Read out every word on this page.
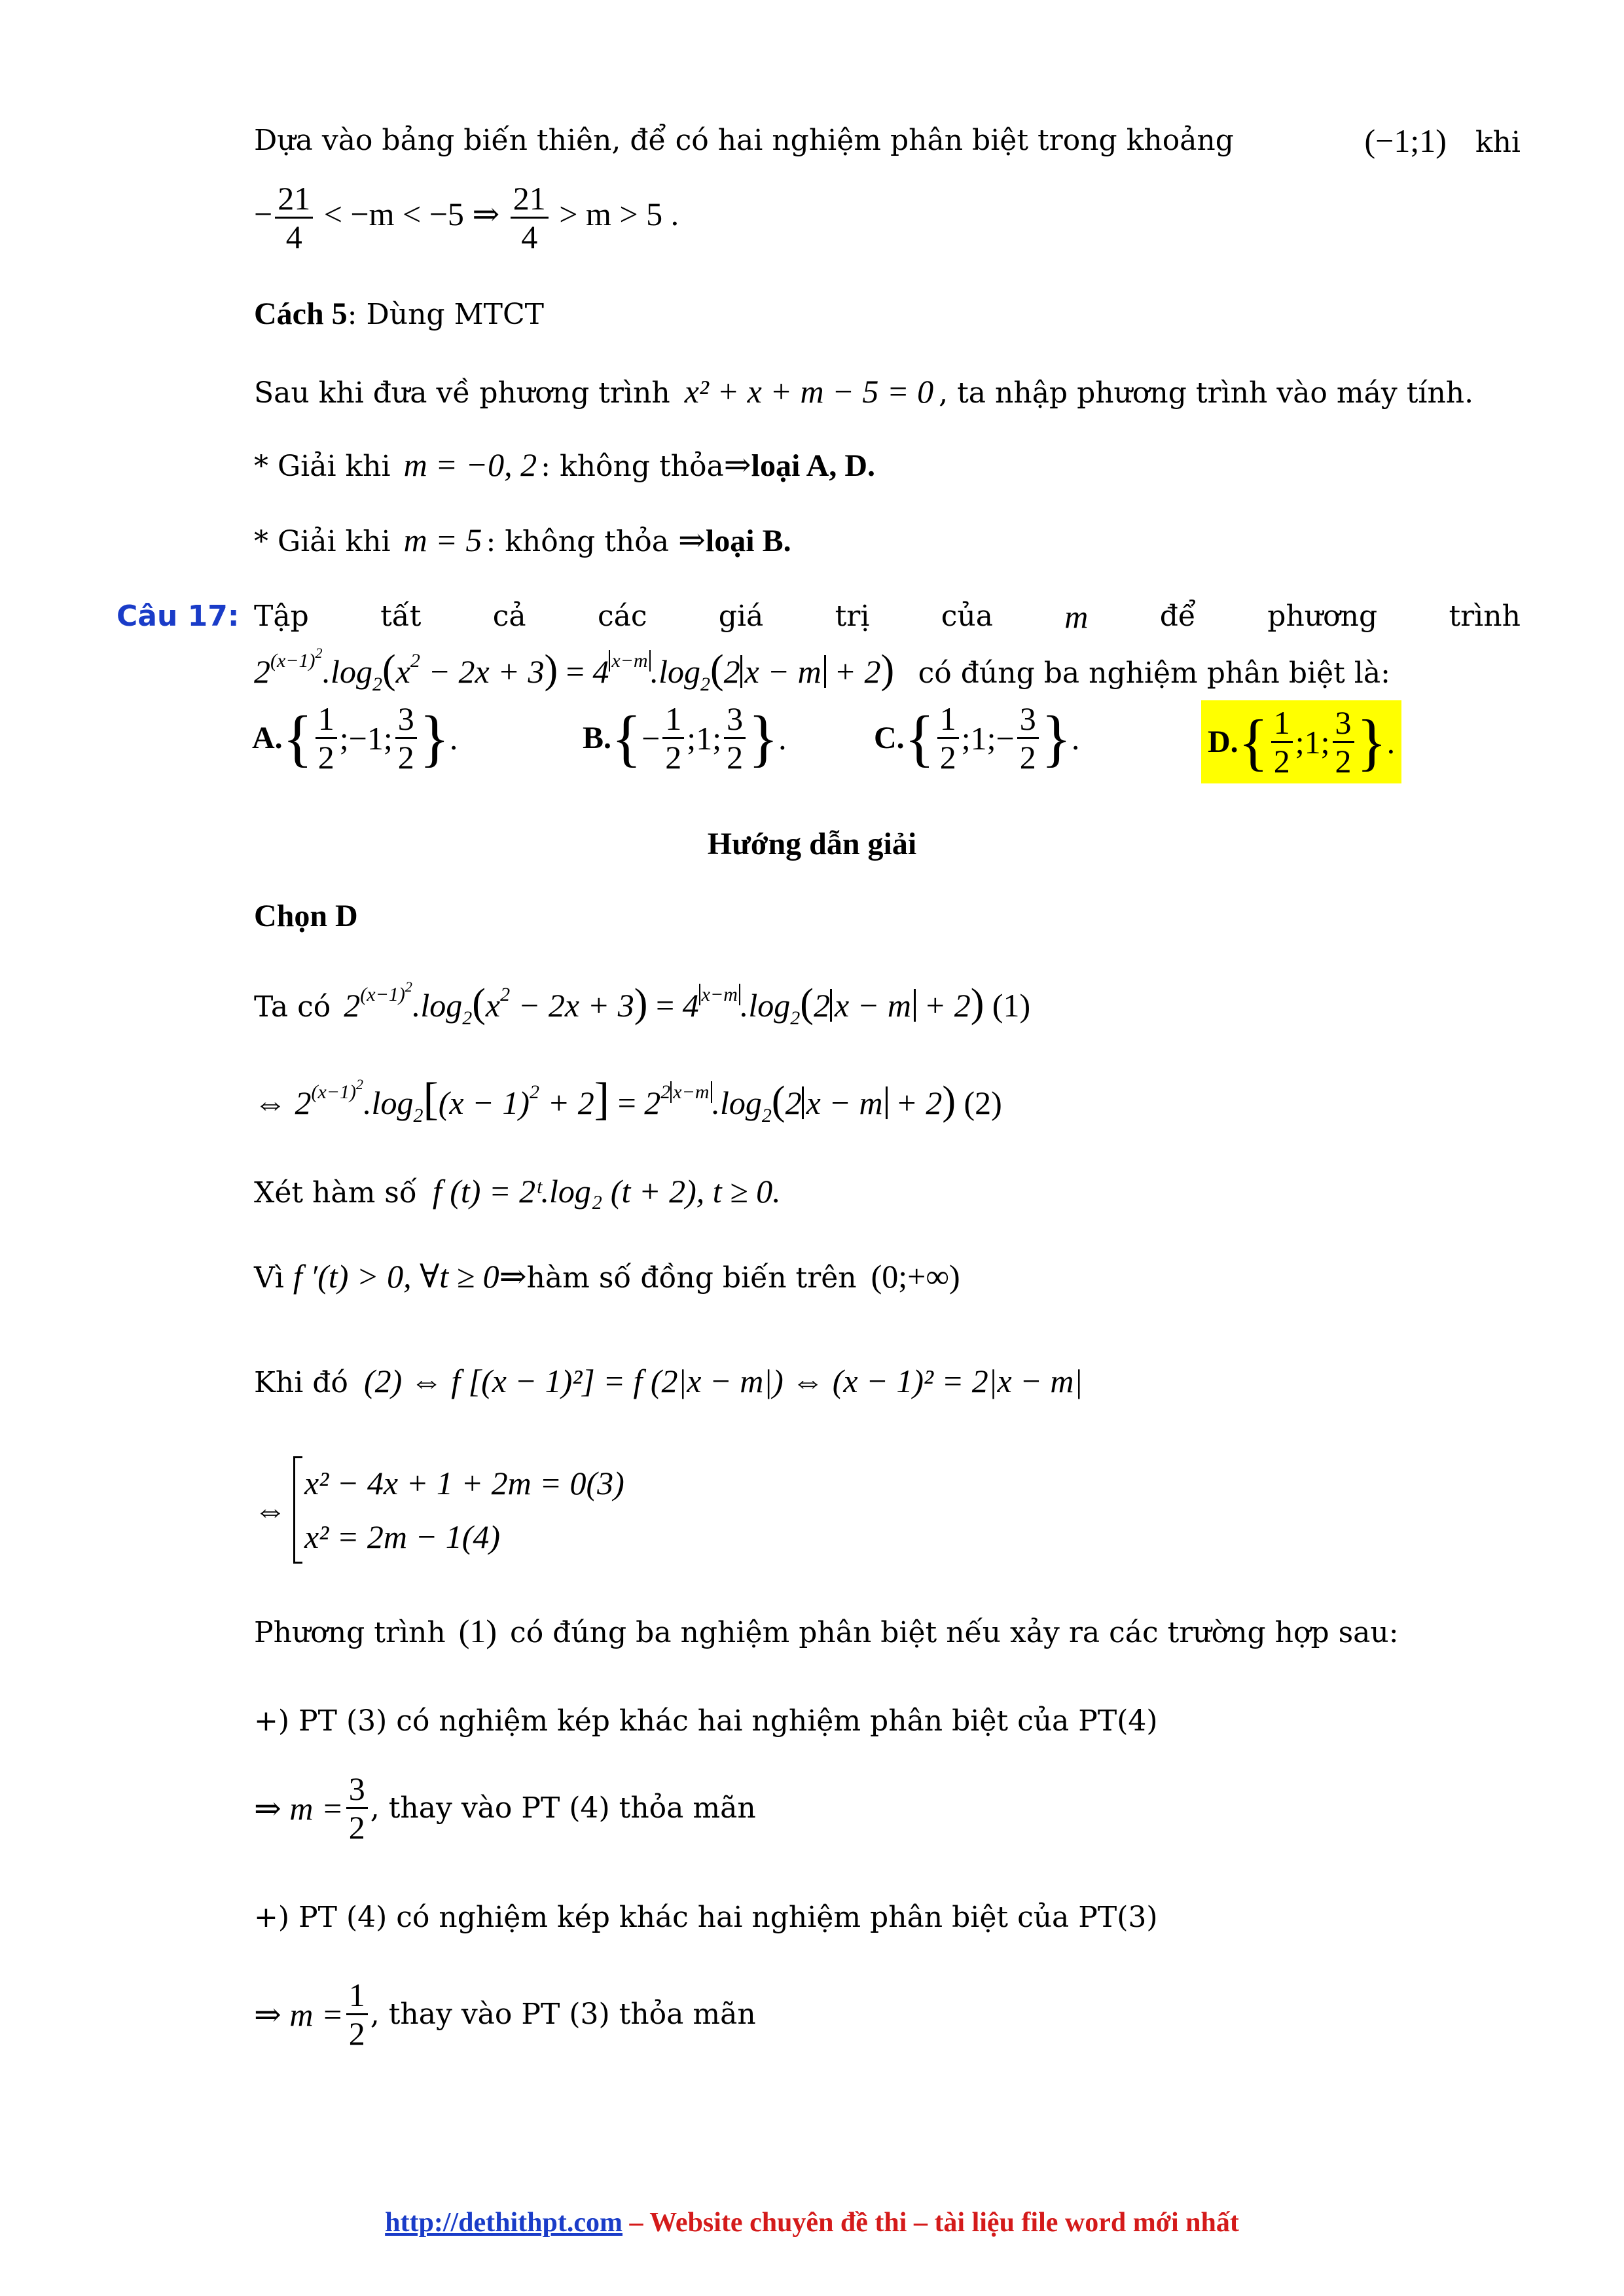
Dựa vào bảng biến thiên, để có hai nghiệm phân biệt trong khoảng	(−1;1) khi
− $\frac{21}{4} < -m < -5$ ⇒ $\frac{21}{4} > m > 5$ .
Cách 5: Dùng MTCT
Sau khi đưa về phương trình x² + x + m − 5 = 0 , ta nhập phương trình vào máy tính.
* Giải khi m = −0, 2 : không thỏa⇒loại A, D.
* Giải khi m = 5 : không thỏa ⇒loại B.
Câu 17: Tập tất cả các giá trị của m để phương trình
$2^{(x-1)^2}.\log_2(x^2 - 2x + 3) = 4$ $^{x-m}.\log_2(2$ x − m + 2) có đúng ba nghiệm phân biệt là:
A. { $\frac{1}{2}$ ;−1; $\frac{3}{2}$ } .	B. { − $\frac{1}{2}$ ;1; $\frac{3}{2}$ } .	C. { $\frac{1}{2}$ ;1;− $\frac{3}{2}$ } .	D. { $\frac{1}{2}$ ;1; $\frac{3}{2}$ } .
Hướng dẫn giải
Chọn D
Ta có $2^{(x-1)^2}.\log_2(x^2 - 2x + 3) = 4$ $^{x-m}.\log_2(2$ x − m + 2) (1)
⇔ $2^{(x-1)^2}.\log_2[(x - 1)^2 + 2] = 2^{2 x-m}.\log_2(2$ x − m + 2) (2)
Xét hàm số f (t) = 2ᵗ.log₂ (t + 2), t ≥ 0.
Vì f ′(t) > 0, ∀t ≥ 0⇒hàm số đồng biến trên (0;+∞)
Khi đó (2) ⇔ f [(x − 1)²] = f (2|x − m|) ⇔ (x − 1)² = 2|x − m|
⇔
x² − 4x + 1 + 2m = 0(3)
x² = 2m − 1(4)
Phương trình (1) có đúng ba nghiệm phân biệt nếu xảy ra các trường hợp sau:
+) PT (3) có nghiệm kép khác hai nghiệm phân biệt của PT(4)
⇒ $m = \frac{3}{2}$ , thay vào PT (4) thỏa mãn
+) PT (4) có nghiệm kép khác hai nghiệm phân biệt của PT(3)
⇒ $m = \frac{1}{2}$ , thay vào PT (3) thỏa mãn
http://dethithpt.com – Website chuyên đề thi – tài liệu file word mới nhất
